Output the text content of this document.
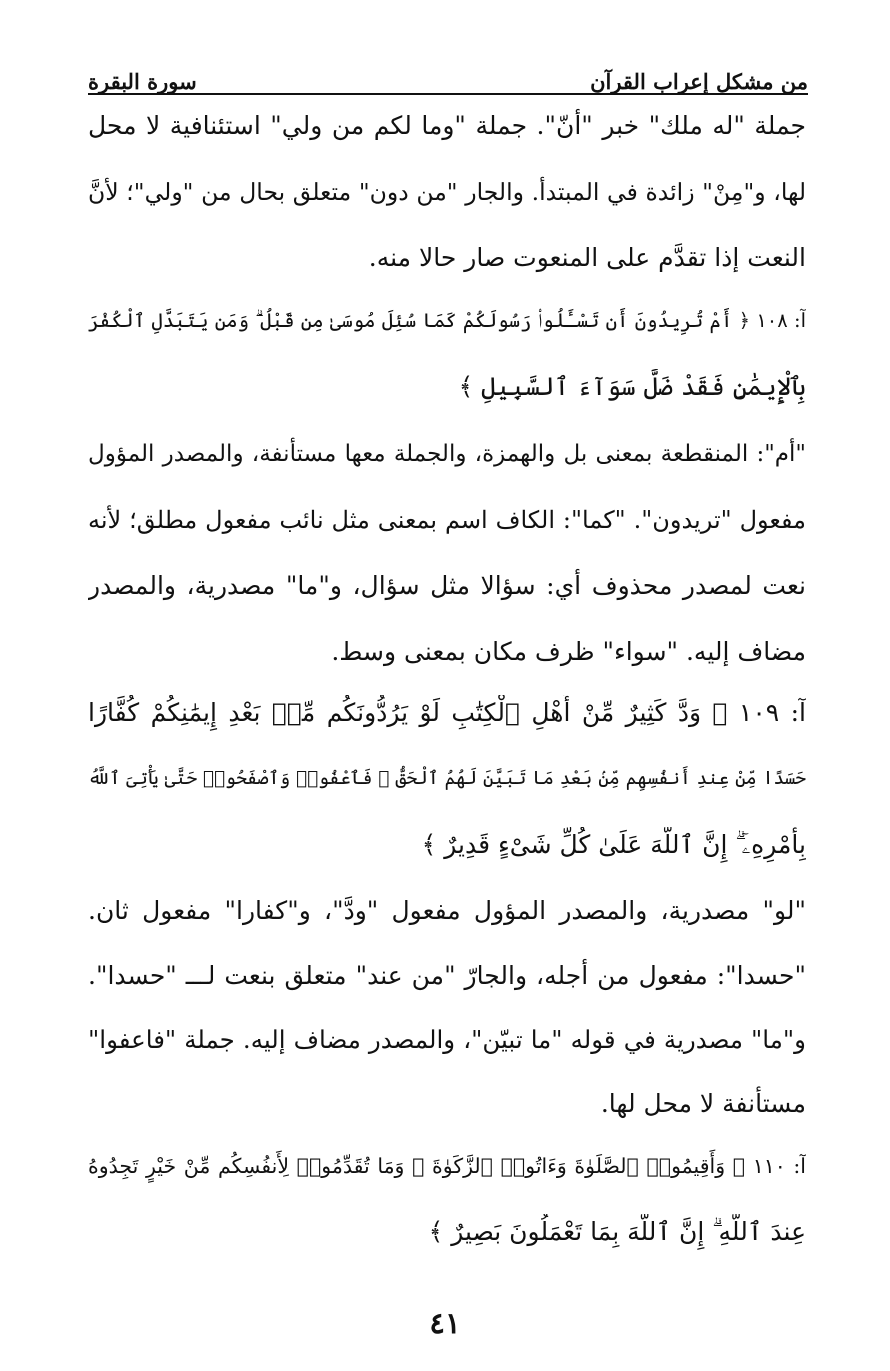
من مشكل إعراب القرآن
سورة البقرة
جملة "له ملك" خبر "أنّ". جملة "وما لكم من ولي" استئنافية لا محل
لها، و"مِنْ" زائدة في المبتدأ. والجار "من دون" متعلق بحال من "ولي"؛ لأنَّ
النعت إذا تقدَّم على المنعوت صار حالا منه.
آ: ١٠٨ ﴿ أَمْ تُرِيدُونَ أَن تَسْـَٔلُوا۟ رَسُولَكُمْ كَمَا سُئِلَ مُوسَىٰ مِن قَبْلُ ۗ وَمَن يَتَبَدَّلِ ٱلْكُفْرَ
بِٱلْإِيمَٰنِ فَقَدْ ضَلَّ سَوَآءَ ٱلسَّبِيلِ ﴾
"أم": المنقطعة بمعنى بل والهمزة، والجملة معها مستأنفة، والمصدر المؤول
مفعول "تريدون". "كما": الكاف اسم بمعنى مثل نائب مفعول مطلق؛ لأنه
نعت لمصدر محذوف أي: سؤالا مثل سؤال، و"ما" مصدرية، والمصدر
مضاف إليه. "سواء" ظرف مكان بمعنى وسط.
آ: ١٠٩ ﴿ وَدَّ كَثِيرٌ مِّنْ أَهْلِ ٱلْكِتَٰبِ لَوْ يَرُدُّونَكُم مِّنۢ بَعْدِ إِيمَٰنِكُمْ كُفَّارًا
حَسَدًا مِّنْ عِندِ أَنفُسِهِم مِّنۢ بَعْدِ مَا تَبَيَّنَ لَهُمُ ٱلْحَقُّ ۖ فَٱعْفُوا۟ وَٱصْفَحُوا۟ حَتَّىٰ يَأْتِىَ ٱللَّهُ
بِأَمْرِهِۦٓ ۗ إِنَّ ٱللَّهَ عَلَىٰ كُلِّ شَىْءٍ قَدِيرٌ ﴾
"لو" مصدرية، والمصدر المؤول مفعول "ودَّ"، و"كفارا" مفعول ثان.
"حسدا": مفعول من أجله، والجارّ "من عند" متعلق بنعت لـــ "حسدا".
و"ما" مصدرية في قوله "ما تبيّن"، والمصدر مضاف إليه. جملة "فاعفوا"
مستأنفة لا محل لها.
آ: ١١٠ ﴿ وَأَقِيمُوا۟ ٱلصَّلَوٰةَ وَءَاتُوا۟ ٱلزَّكَوٰةَ ۚ وَمَا تُقَدِّمُوا۟ لِأَنفُسِكُم مِّنْ خَيْرٍ تَجِدُوهُ
عِندَ ٱللَّهِ ۗ إِنَّ ٱللَّهَ بِمَا تَعْمَلُونَ بَصِيرٌ ﴾
٤١
